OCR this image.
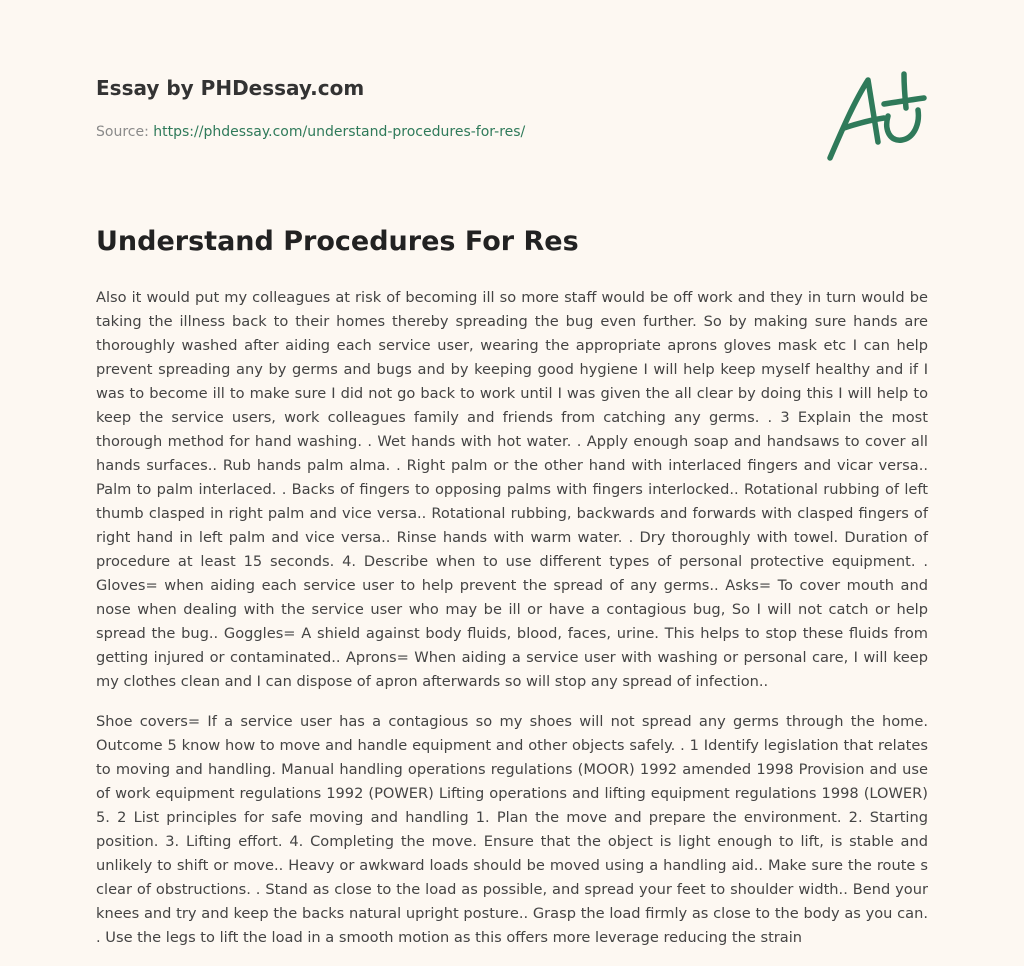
Essay by PHDessay.com
Source: https://phdessay.com/understand-procedures-for-res/
Understand Procedures For Res

Also it would put my colleagues at risk of becoming ill so more staff would be off work and they in turn would be taking the illness back to their homes thereby spreading the bug even further. So by making sure hands are thoroughly washed after aiding each service user, wearing the appropriate aprons gloves mask etc I can help prevent spreading any by germs and bugs and by keeping good hygiene I will help keep myself healthy and if I was to become ill to make sure I did not go back to work until I was given the all clear by doing this I will help to keep the service users, work colleagues family and friends from catching any germs. . 3 Explain the most thorough method for hand washing. . Wet hands with hot water. . Apply enough soap and handsaws to cover all hands surfaces.. Rub hands palm alma. . Right palm or the other hand with interlaced fingers and vicar versa.. Palm to palm interlaced. . Backs of fingers to opposing palms with fingers interlocked.. Rotational rubbing of left thumb clasped in right palm and vice versa.. Rotational rubbing, backwards and forwards with clasped fingers of right hand in left palm and vice versa.. Rinse hands with warm water. . Dry thoroughly with towel. Duration of procedure at least 15 seconds. 4. Describe when to use different types of personal protective equipment. . Gloves= when aiding each service user to help prevent the spread of any germs.. Asks= To cover mouth and nose when dealing with the service user who may be ill or have a contagious bug, So I will not catch or help spread the bug.. Goggles= A shield against body fluids, blood, faces, urine. This helps to stop these fluids from getting injured or contaminated.. Aprons= When aiding a service user with washing or personal care, I will keep my clothes clean and I can dispose of apron afterwards so will stop any spread of infection..

Shoe covers= If a service user has a contagious so my shoes will not spread any germs through the home. Outcome 5 know how to move and handle equipment and other objects safely. . 1 Identify legislation that relates to moving and handling. Manual handling operations regulations (MOOR) 1992 amended 1998 Provision and use of work equipment regulations 1992 (POWER) Lifting operations and lifting equipment regulations 1998 (LOWER) 5. 2 List principles for safe moving and handling 1. Plan the move and prepare the environment. 2. Starting position. 3. Lifting effort. 4. Completing the move. Ensure that the object is light enough to lift, is stable and unlikely to shift or move.. Heavy or awkward loads should be moved using a handling aid.. Make sure the route s clear of obstructions. . Stand as close to the load as possible, and spread your feet to shoulder width.. Bend your knees and try and keep the backs natural upright posture.. Grasp the load firmly as close to the body as you can. . Use the legs to lift the load in a smooth motion as this offers more leverage reducing the strain
